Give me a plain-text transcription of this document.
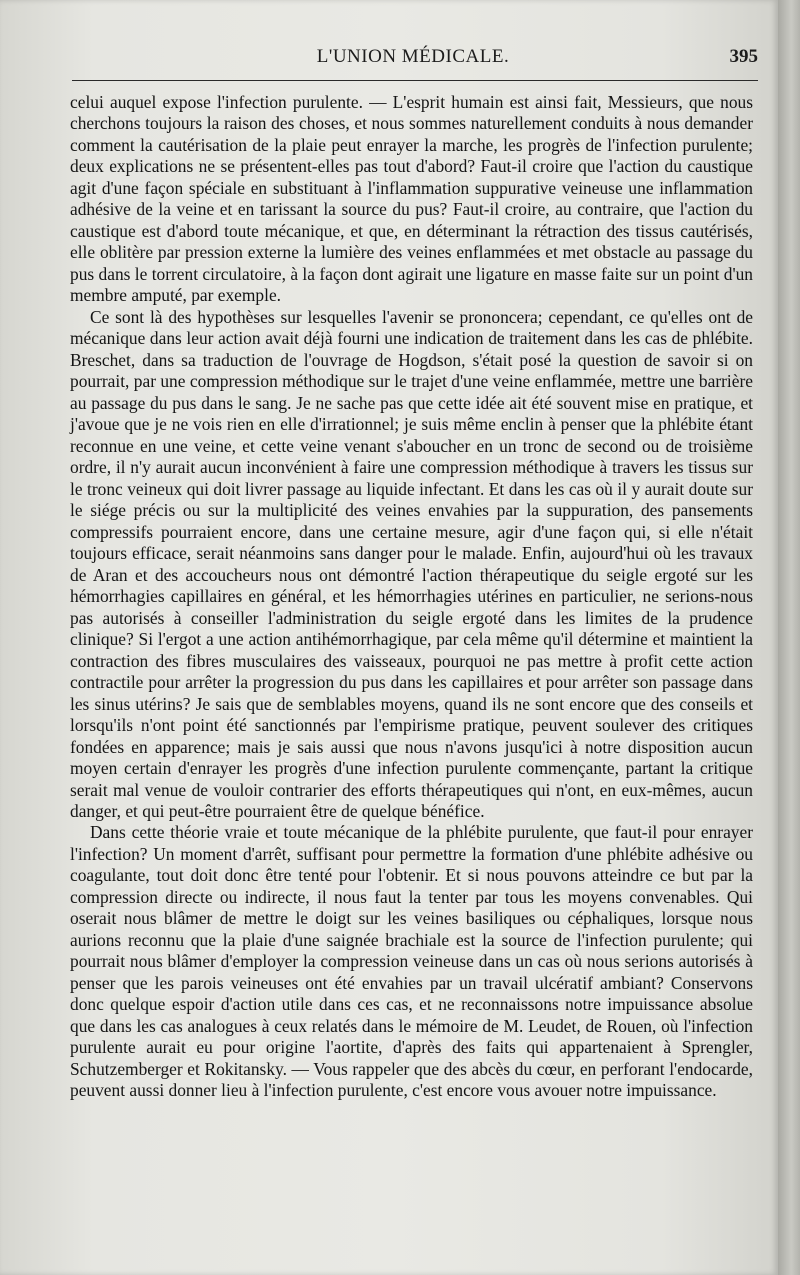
L'UNION MÉDICALE.	395

celui auquel expose l'infection purulente. — L'esprit humain est ainsi fait, Messieurs, que nous cherchons toujours la raison des choses, et nous sommes naturellement conduits à nous demander comment la cautérisation de la plaie peut enrayer la marche, les progrès de l'infection purulente; deux explications ne se présentent-elles pas tout d'abord? Faut-il croire que l'action du caustique agit d'une façon spéciale en substituant à l'inflammation suppurative veineuse une inflammation adhésive de la veine et en tarissant la source du pus? Faut-il croire, au contraire, que l'action du caustique est d'abord toute mécanique, et que, en déterminant la rétraction des tissus cautérisés, elle oblitère par pression externe la lumière des veines enflammées et met obstacle au passage du pus dans le torrent circulatoire, à la façon dont agirait une ligature en masse faite sur un point d'un membre amputé, par exemple.

Ce sont là des hypothèses sur lesquelles l'avenir se prononcera; cependant, ce qu'elles ont de mécanique dans leur action avait déjà fourni une indication de traitement dans les cas de phlébite. Breschet, dans sa traduction de l'ouvrage de Hogdson, s'était posé la question de savoir si on pourrait, par une compression méthodique sur le trajet d'une veine enflammée, mettre une barrière au passage du pus dans le sang. Je ne sache pas que cette idée ait été souvent mise en pratique, et j'avoue que je ne vois rien en elle d'irrationnel; je suis même enclin à penser que la phlébite étant reconnue en une veine, et cette veine venant s'aboucher en un tronc de second ou de troisième ordre, il n'y aurait aucun inconvénient à faire une compression méthodique à travers les tissus sur le tronc veineux qui doit livrer passage au liquide infectant. Et dans les cas où il y aurait doute sur le siége précis ou sur la multiplicité des veines envahies par la suppuration, des pansements compressifs pourraient encore, dans une certaine mesure, agir d'une façon qui, si elle n'était toujours efficace, serait néanmoins sans danger pour le malade. Enfin, aujourd'hui où les travaux de Aran et des accoucheurs nous ont démontré l'action thérapeutique du seigle ergoté sur les hémorrhagies capillaires en général, et les hémorrhagies utérines en particulier, ne serions-nous pas autorisés à conseiller l'administration du seigle ergoté dans les limites de la prudence clinique? Si l'ergot a une action antihémorrhagique, par cela même qu'il détermine et maintient la contraction des fibres musculaires des vaisseaux, pourquoi ne pas mettre à profit cette action contractile pour arrêter la progression du pus dans les capillaires et pour arrêter son passage dans les sinus utérins? Je sais que de semblables moyens, quand ils ne sont encore que des conseils et lorsqu'ils n'ont point été sanctionnés par l'empirisme pratique, peuvent soulever des critiques fondées en apparence; mais je sais aussi que nous n'avons jusqu'ici à notre disposition aucun moyen certain d'enrayer les progrès d'une infection purulente commençante, partant la critique serait mal venue de vouloir contrarier des efforts thérapeutiques qui n'ont, en eux-mêmes, aucun danger, et qui peut-être pourraient être de quelque bénéfice.

Dans cette théorie vraie et toute mécanique de la phlébite purulente, que faut-il pour enrayer l'infection? Un moment d'arrêt, suffisant pour permettre la formation d'une phlébite adhésive ou coagulante, tout doit donc être tenté pour l'obtenir. Et si nous pouvons atteindre ce but par la compression directe ou indirecte, il nous faut la tenter par tous les moyens convenables. Qui oserait nous blâmer de mettre le doigt sur les veines basiliques ou céphaliques, lorsque nous aurions reconnu que la plaie d'une saignée brachiale est la source de l'infection purulente; qui pourrait nous blâmer d'employer la compression veineuse dans un cas où nous serions autorisés à penser que les parois veineuses ont été envahies par un travail ulcératif ambiant? Conservons donc quelque espoir d'action utile dans ces cas, et ne reconnaissons notre impuissance absolue que dans les cas analogues à ceux relatés dans le mémoire de M. Leudet, de Rouen, où l'infection purulente aurait eu pour origine l'aortite, d'après des faits qui appartenaient à Sprengler, Schutzemberger et Rokitansky. — Vous rappeler que des abcès du cœur, en perforant l'endocarde, peuvent aussi donner lieu à l'infection purulente, c'est encore vous avouer notre impuissance.
